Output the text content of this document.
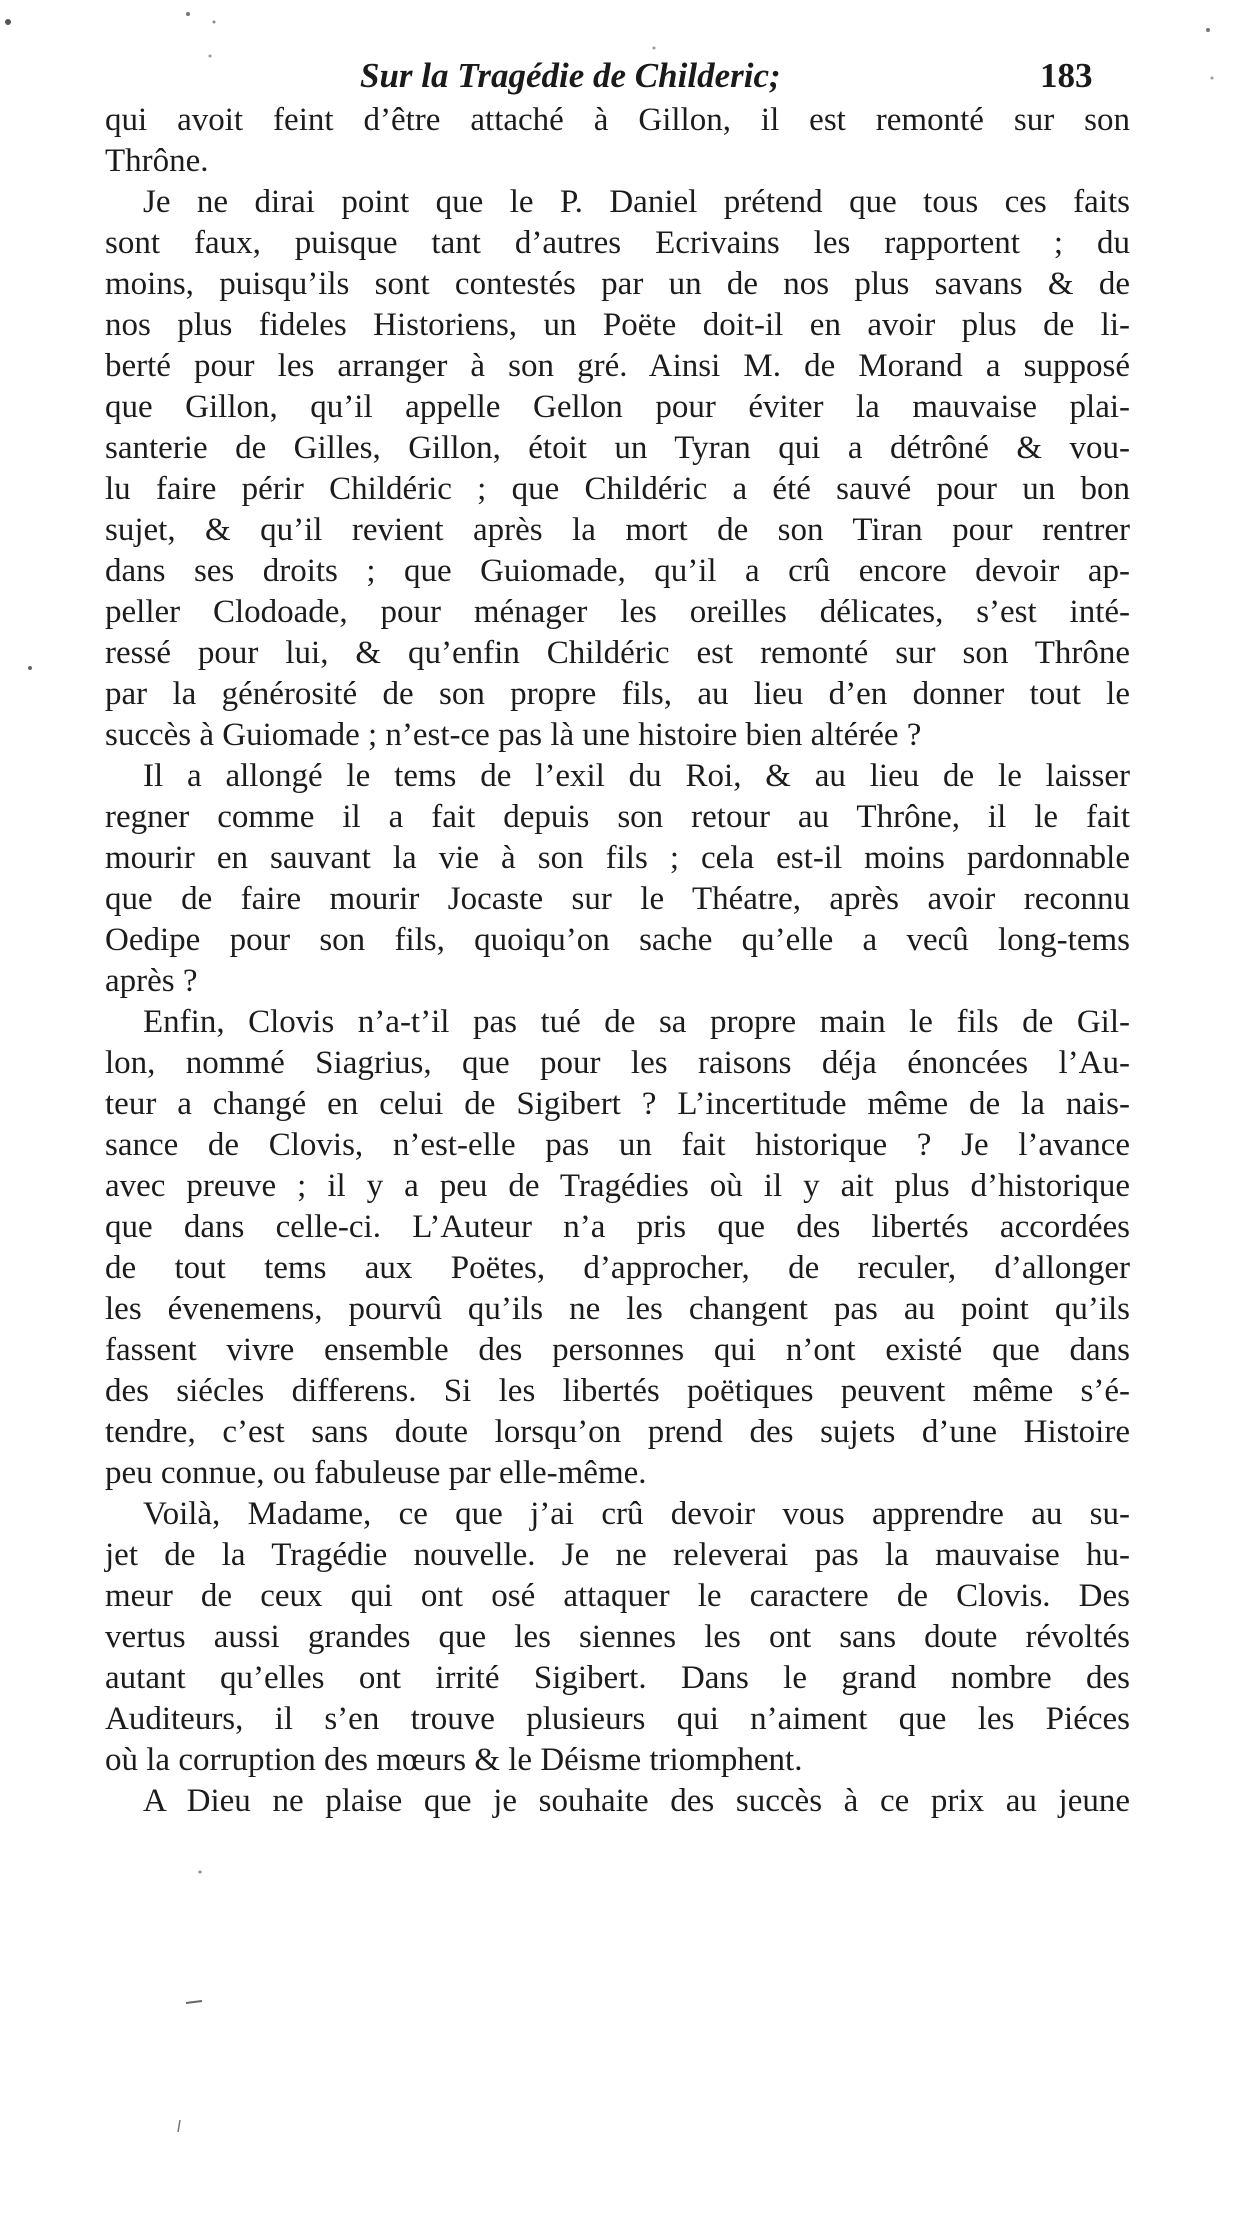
Sur la Tragédie de Childeric;	183
qui avoit feint d’être attaché à Gillon, il est remonté sur son
Thrône.
Je ne dirai point que le P. Daniel prétend que tous ces faits
sont faux, puisque tant d’autres Ecrivains les rapportent ; du
moins, puisqu’ils sont contestés par un de nos plus savans & de
nos plus fideles Historiens, un Poëte doit-il en avoir plus de li-
berté pour les arranger à son gré. Ainsi M. de Morand a supposé
que Gillon, qu’il appelle Gellon pour éviter la mauvaise plai-
santerie de Gilles, Gillon, étoit un Tyran qui a détrôné & vou-
lu faire périr Childéric ; que Childéric a été sauvé pour un bon
sujet, & qu’il revient après la mort de son Tiran pour rentrer
dans ses droits ; que Guiomade, qu’il a crû encore devoir ap-
peller Clodoade, pour ménager les oreilles délicates, s’est inté-
ressé pour lui, & qu’enfin Childéric est remonté sur son Thrône
par la générosité de son propre fils, au lieu d’en donner tout le
succès à Guiomade ; n’est-ce pas là une histoire bien altérée ?
Il a allongé le tems de l’exil du Roi, & au lieu de le laisser
regner comme il a fait depuis son retour au Thrône, il le fait
mourir en sauvant la vie à son fils ; cela est-il moins pardonnable
que de faire mourir Jocaste sur le Théatre, après avoir reconnu
Oedipe pour son fils, quoiqu’on sache qu’elle a vecû long-tems
après ?
Enfin, Clovis n’a-t’il pas tué de sa propre main le fils de Gil-
lon, nommé Siagrius, que pour les raisons déja énoncées l’Au-
teur a changé en celui de Sigibert ? L’incertitude même de la nais-
sance de Clovis, n’est-elle pas un fait historique ? Je l’avance
avec preuve ; il y a peu de Tragédies où il y ait plus d’historique
que dans celle-ci. L’Auteur n’a pris que des libertés accordées
de tout tems aux Poëtes, d’approcher, de reculer, d’allonger
les évenemens, pourvû qu’ils ne les changent pas au point qu’ils
fassent vivre ensemble des personnes qui n’ont existé que dans
des siécles differens. Si les libertés poëtiques peuvent même s’é-
tendre, c’est sans doute lorsqu’on prend des sujets d’une Histoire
peu connue, ou fabuleuse par elle-même.
Voilà, Madame, ce que j’ai crû devoir vous apprendre au su-
jet de la Tragédie nouvelle. Je ne releverai pas la mauvaise hu-
meur de ceux qui ont osé attaquer le caractere de Clovis. Des
vertus aussi grandes que les siennes les ont sans doute révoltés
autant qu’elles ont irrité Sigibert. Dans le grand nombre des
Auditeurs, il s’en trouve plusieurs qui n’aiment que les Piéces
où la corruption des mœurs & le Déisme triomphent.
A Dieu ne plaise que je souhaite des succès à ce prix au jeune
